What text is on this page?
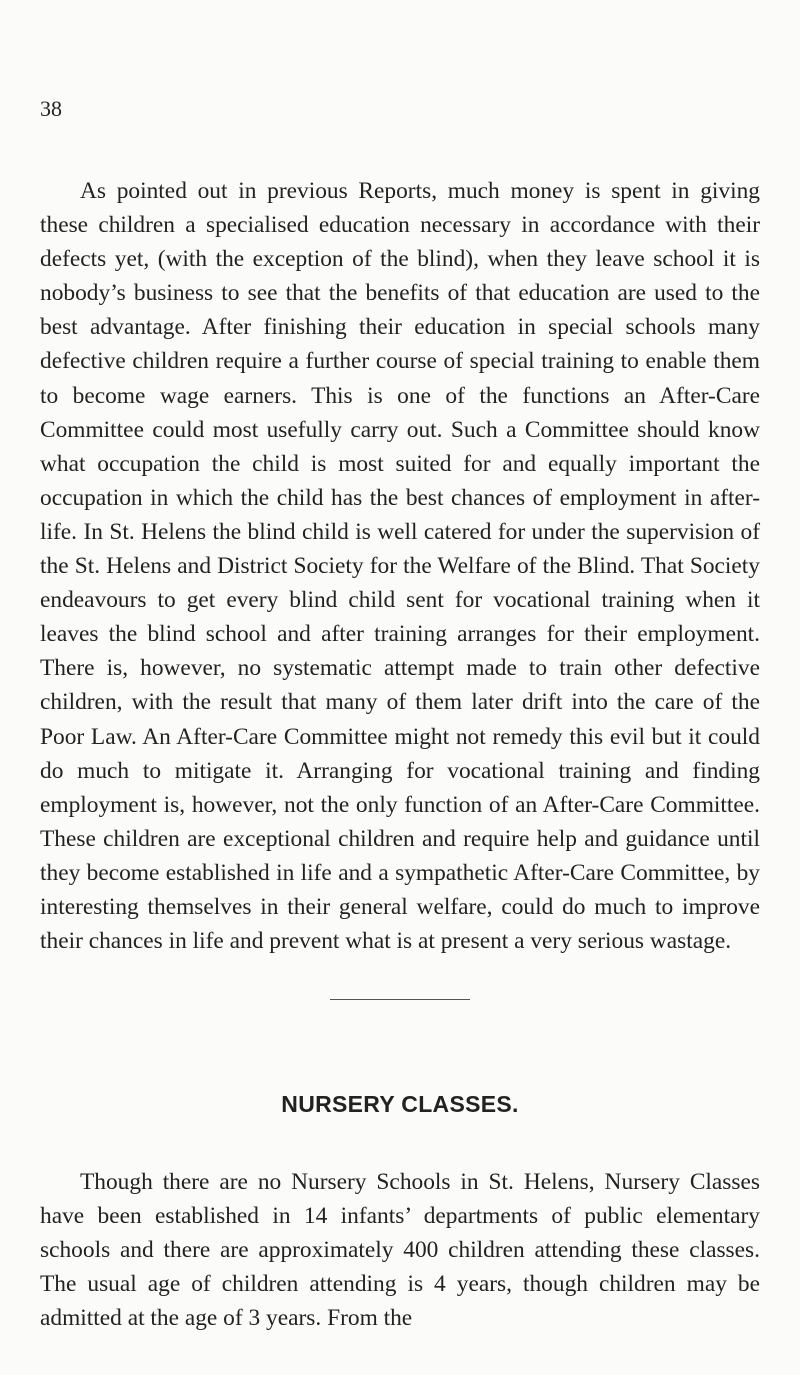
38

As pointed out in previous Reports, much money is spent in giving these children a specialised education necessary in accordance with their defects yet, (with the exception of the blind), when they leave school it is nobody’s business to see that the benefits of that education are used to the best advantage. After finishing their education in special schools many defective children require a further course of special training to enable them to become wage earners. This is one of the functions an After-Care Committee could most usefully carry out. Such a Committee should know what occupation the child is most suited for and equally important the occupation in which the child has the best chances of employment in after-life. In St. Helens the blind child is well catered for under the supervision of the St. Helens and District Society for the Welfare of the Blind. That Society endeavours to get every blind child sent for vocational training when it leaves the blind school and after training arranges for their employment. There is, however, no systematic attempt made to train other defective children, with the result that many of them later drift into the care of the Poor Law. An After-Care Committee might not remedy this evil but it could do much to mitigate it. Arranging for vocational training and finding employment is, however, not the only function of an After-Care Committee. These children are exceptional children and require help and guidance until they become established in life and a sympathetic After-Care Committee, by interesting themselves in their general welfare, could do much to improve their chances in life and prevent what is at present a very serious wastage.

NURSERY CLASSES.

Though there are no Nursery Schools in St. Helens, Nursery Classes have been established in 14 infants’ departments of public elementary schools and there are approximately 400 children attending these classes. The usual age of children attending is 4 years, though children may be admitted at the age of 3 years. From the
